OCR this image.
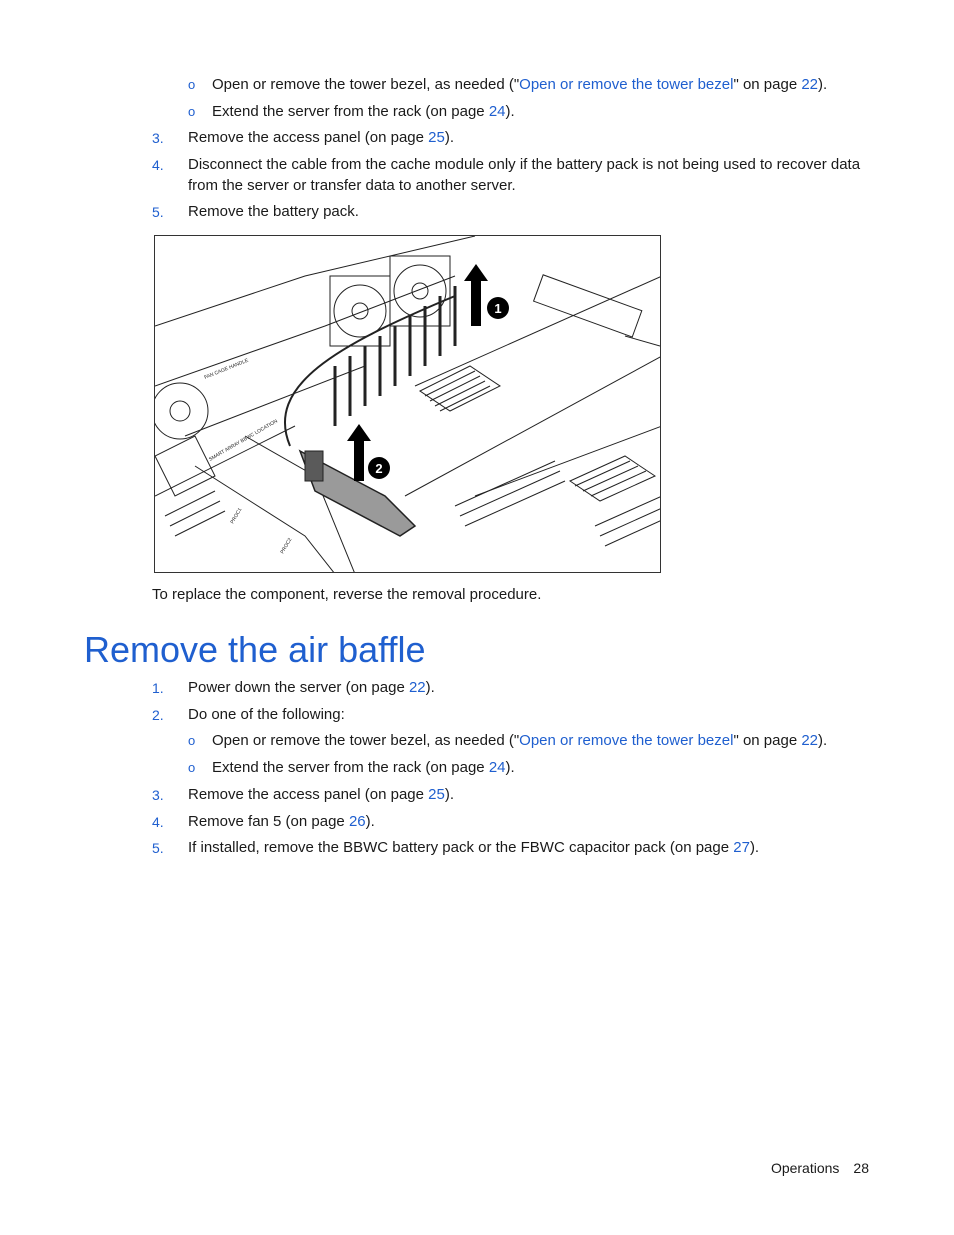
o Open or remove the tower bezel, as needed ("Open or remove the tower bezel" on page 22).
o Extend the server from the rack (on page 24).
3. Remove the access panel (on page 25).
4. Disconnect the cable from the cache module only if the battery pack is not being used to recover data
from the server or transfer data to another server.
5. Remove the battery pack.
1
2
FAN CAGE HANDLE
SMART ARRAY BBWC LOCATION
PROC1
PROC2
To replace the component, reverse the removal procedure.
Remove the air baffle
1. Power down the server (on page 22).
2. Do one of the following:
o Open or remove the tower bezel, as needed ("Open or remove the tower bezel" on page 22).
o Extend the server from the rack (on page 24).
3. Remove the access panel (on page 25).
4. Remove fan 5 (on page 26).
5. If installed, remove the BBWC battery pack or the FBWC capacitor pack (on page 27).
Operations 28
